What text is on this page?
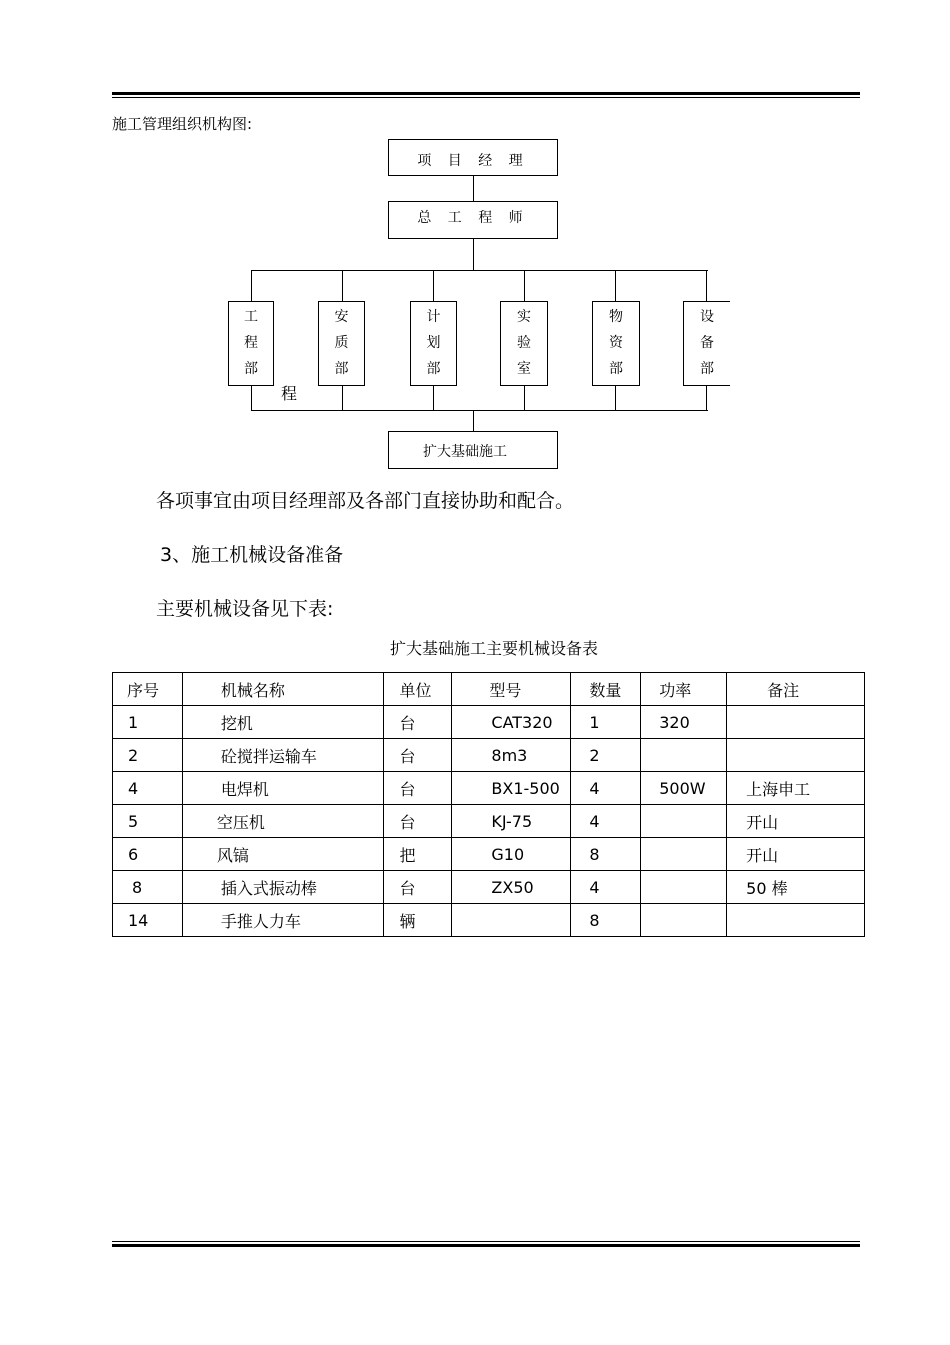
施工管理组织机构图:
项 目 经 理
总 工 程 师
工
程
部
安
质
部
计
划
部
实
验
室
物
资
部
设
备
部
程
扩大基础施工
各项事宜由项目经理部及各部门直接协助和配合。
3、施工机械设备准备
主要机械设备见下表:
扩大基础施工主要机械设备表
序号	机械名称	单位	型号	数量	功率	备注
1	挖机	台	CAT320	1	320	
2	砼搅拌运输车	台	8m3	2		
4	电焊机	台	BX1-500	4	500W	上海申工
5	空压机	台	KJ-75	4		开山
6	风镐	把	G10	8		开山
8	插入式振动棒	台	ZX50	4		50 棒
14	手推人力车	辆		8		
